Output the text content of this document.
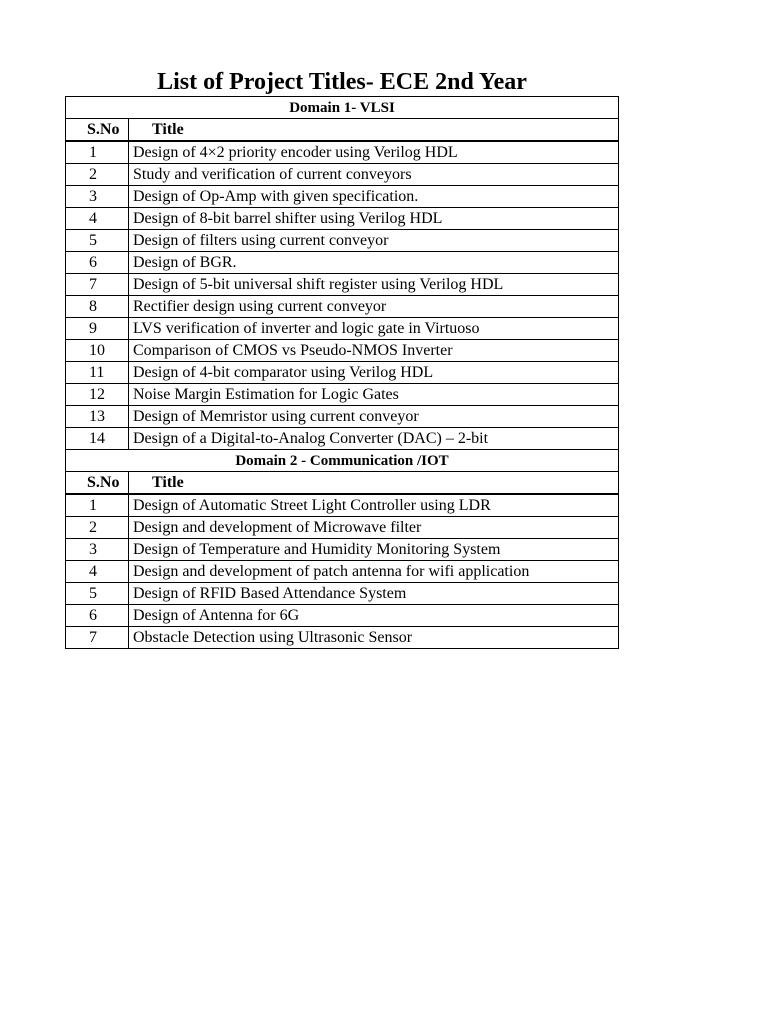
List of Project Titles- ECE 2nd Year
Domain 1- VLSI	
S.No	Title
1	Design of 4×2 priority encoder using Verilog HDL
2	Study and verification of current conveyors
3	Design of Op-Amp with given specification.
4	Design of 8-bit barrel shifter using Verilog HDL
5	Design of filters using current conveyor
6	Design of BGR.
7	Design of 5-bit universal shift register using Verilog HDL
8	Rectifier design using current conveyor
9	LVS verification of inverter and logic gate in Virtuoso
10	Comparison of CMOS vs Pseudo-NMOS Inverter
11	Design of 4-bit comparator using Verilog HDL
12	Noise Margin Estimation for Logic Gates
13	Design of Memristor using current conveyor
14	Design of a Digital-to-Analog Converter (DAC) – 2-bit
Domain 2 - Communication /IOT	
S.No	Title
1	Design of Automatic Street Light Controller using LDR
2	Design and development of Microwave filter
3	Design of Temperature and Humidity Monitoring System
4	Design and development of patch antenna for wifi application
5	Design of RFID Based Attendance System
6	Design of Antenna for 6G
7	Obstacle Detection using Ultrasonic Sensor
